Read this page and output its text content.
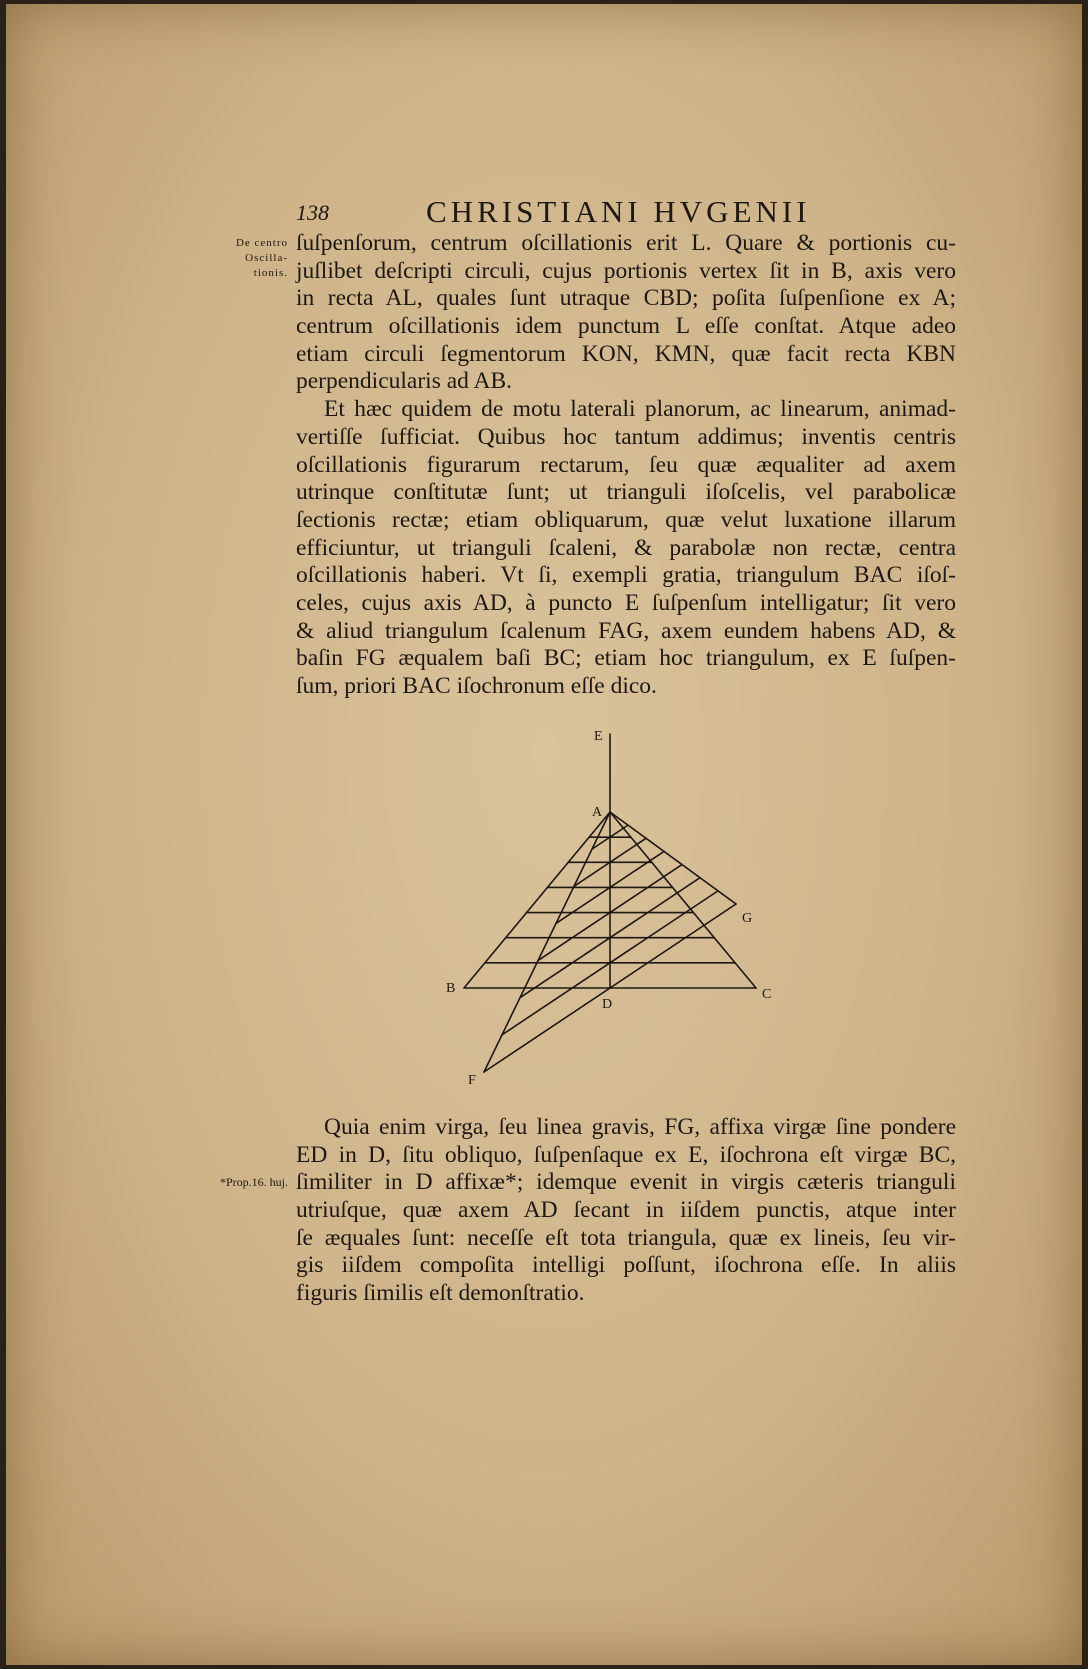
138	CHRISTIANI HVGENII
De centro
Oscilla-
tionis.
ſuſpenſorum, centrum oſcillationis erit L. Quare & portionis cu-
juſlibet deſcripti circuli, cujus portionis vertex ſit in B, axis vero
in recta AL, quales ſunt utraque CBD; poſita ſuſpenſione ex A;
centrum oſcillationis idem punctum L eſſe conſtat. Atque adeo
etiam circuli ſegmentorum KON, KMN, quæ facit recta KBN
perpendicularis ad AB.
Et hæc quidem de motu laterali planorum, ac linearum, animad-
vertiſſe ſufficiat. Quibus hoc tantum addimus; inventis centris
oſcillationis figurarum rectarum, ſeu quæ æqualiter ad axem
utrinque conſtitutæ ſunt; ut trianguli iſoſcelis, vel parabolicæ
ſectionis rectæ; etiam obliquarum, quæ velut luxatione illarum
efficiuntur, ut trianguli ſcaleni, & parabolæ non rectæ, centra
oſcillationis haberi. Vt ſi, exempli gratia, triangulum BAC iſoſ-
celes, cujus axis AD, à puncto E ſuſpenſum intelligatur; ſit vero
& aliud triangulum ſcalenum FAG, axem eundem habens AD, &
baſin FG æqualem baſi BC; etiam hoc triangulum, ex E ſuſpen-
ſum, priori BAC iſochronum eſſe dico.
E
A
G
B
D
C
F
*Prop.16. huj.
Quia enim virga, ſeu linea gravis, FG, affixa virgæ ſine pondere
ED in D, ſitu obliquo, ſuſpenſaque ex E, iſochrona eſt virgæ BC,
ſimiliter in D affixæ*; idemque evenit in virgis cæteris trianguli
utriuſque, quæ axem AD ſecant in iiſdem punctis, atque inter
ſe æquales ſunt: neceſſe eſt tota triangula, quæ ex lineis, ſeu vir-
gis iiſdem compoſita intelligi poſſunt, iſochrona eſſe. In aliis
figuris ſimilis eſt demonſtratio.
